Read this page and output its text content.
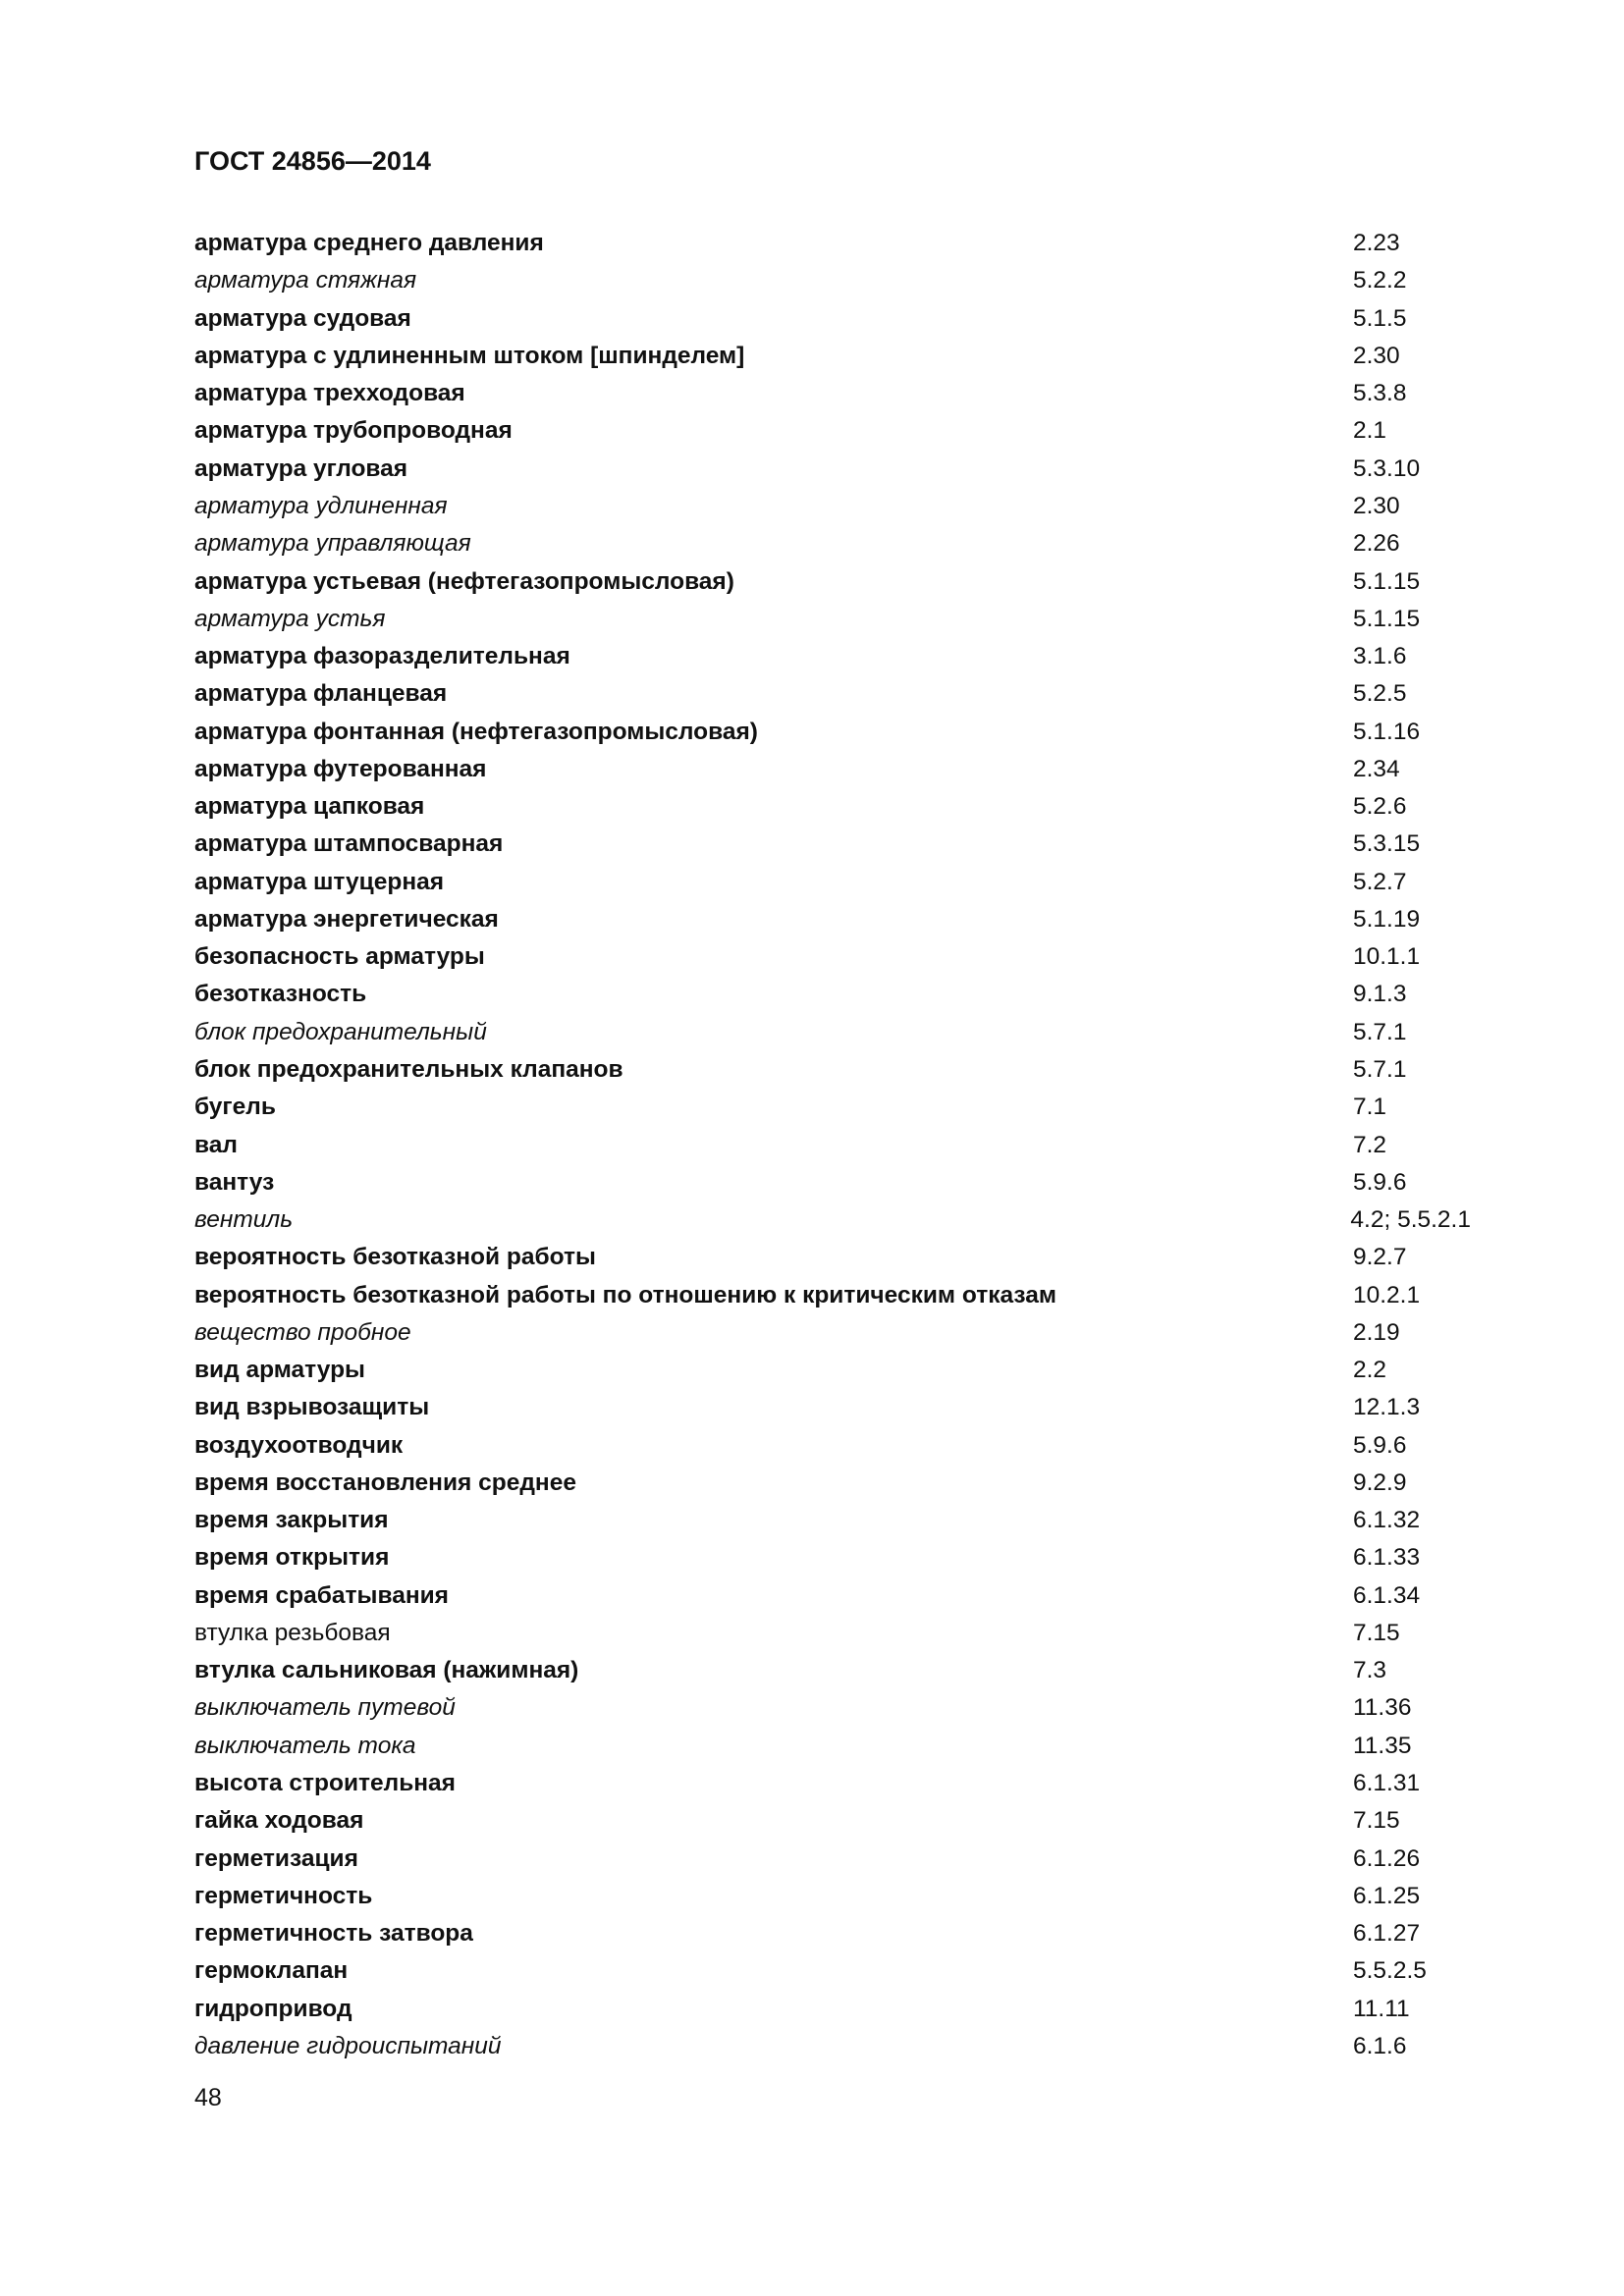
ГОСТ 24856—2014
арматура среднего давления	2.23
арматура стяжная	5.2.2
арматура судовая	5.1.5
арматура с удлиненным штоком [шпинделем]	2.30
арматура трехходовая	5.3.8
арматура трубопроводная	2.1
арматура угловая	5.3.10
арматура удлиненная	2.30
арматура управляющая	2.26
арматура устьевая (нефтегазопромысловая)	5.1.15
арматура устья	5.1.15
арматура фазоразделительная	3.1.6
арматура фланцевая	5.2.5
арматура фонтанная (нефтегазопромысловая)	5.1.16
арматура футерованная	2.34
арматура цапковая	5.2.6
арматура штампосварная	5.3.15
арматура штуцерная	5.2.7
арматура энергетическая	5.1.19
безопасность арматуры	10.1.1
безотказность	9.1.3
блок предохранительный	5.7.1
блок предохранительных клапанов	5.7.1
бугель	7.1
вал	7.2
вантуз	5.9.6
вентиль	4.2; 5.5.2.1
вероятность безотказной работы	9.2.7
вероятность безотказной работы по отношению к критическим отказам	10.2.1
вещество пробное	2.19
вид арматуры	2.2
вид взрывозащиты	12.1.3
воздухоотводчик	5.9.6
время восстановления среднее	9.2.9
время закрытия	6.1.32
время открытия	6.1.33
время срабатывания	6.1.34
втулка резьбовая	7.15
втулка сальниковая (нажимная)	7.3
выключатель путевой	11.36
выключатель тока	11.35
высота строительная	6.1.31
гайка ходовая	7.15
герметизация	6.1.26
герметичность	6.1.25
герметичность затвора	6.1.27
гермоклапан	5.5.2.5
гидропривод	11.11
давление гидроиспытаний	6.1.6
48
